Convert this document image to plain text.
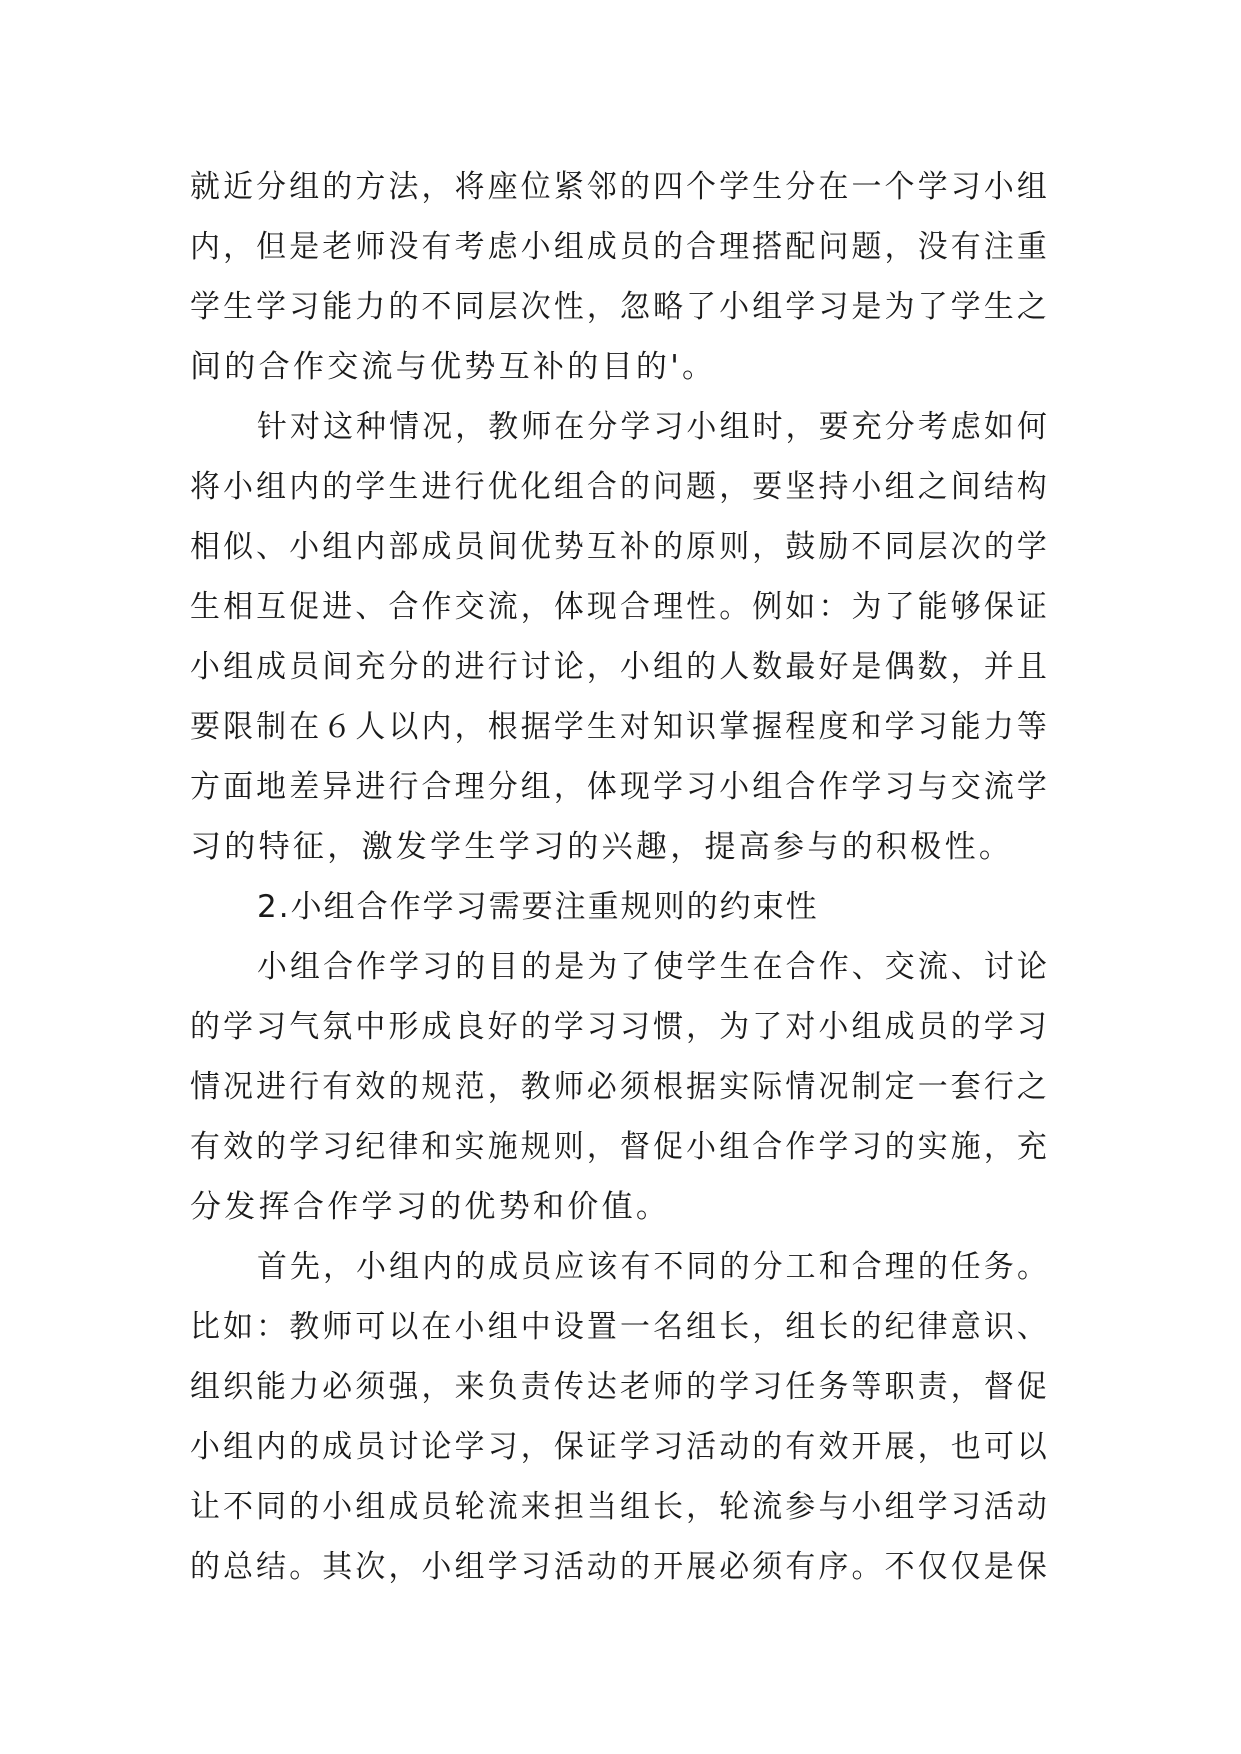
就近分组的方法，将座位紧邻的四个学生分在一个学习小组
内，但是老师没有考虑小组成员的合理搭配问题，没有注重
学生学习能力的不同层次性，忽略了小组学习是为了学生之
间的合作交流与优势互补的目的'。
针对这种情况，教师在分学习小组时，要充分考虑如何
将小组内的学生进行优化组合的问题，要坚持小组之间结构
相似、小组内部成员间优势互补的原则，鼓励不同层次的学
生相互促进、合作交流，体现合理性。例如：为了能够保证
小组成员间充分的进行讨论，小组的人数最好是偶数，并且
要限制在６人以内，根据学生对知识掌握程度和学习能力等
方面地差异进行合理分组，体现学习小组合作学习与交流学
习的特征，激发学生学习的兴趣，提高参与的积极性。
2.小组合作学习需要注重规则的约束性
小组合作学习的目的是为了使学生在合作、交流、讨论
的学习气氛中形成良好的学习习惯，为了对小组成员的学习
情况进行有效的规范，教师必须根据实际情况制定一套行之
有效的学习纪律和实施规则，督促小组合作学习的实施，充
分发挥合作学习的优势和价值。
首先，小组内的成员应该有不同的分工和合理的任务。
比如：教师可以在小组中设置一名组长，组长的纪律意识、
组织能力必须强，来负责传达老师的学习任务等职责，督促
小组内的成员讨论学习，保证学习活动的有效开展，也可以
让不同的小组成员轮流来担当组长，轮流参与小组学习活动
的总结。其次，小组学习活动的开展必须有序。不仅仅是保
